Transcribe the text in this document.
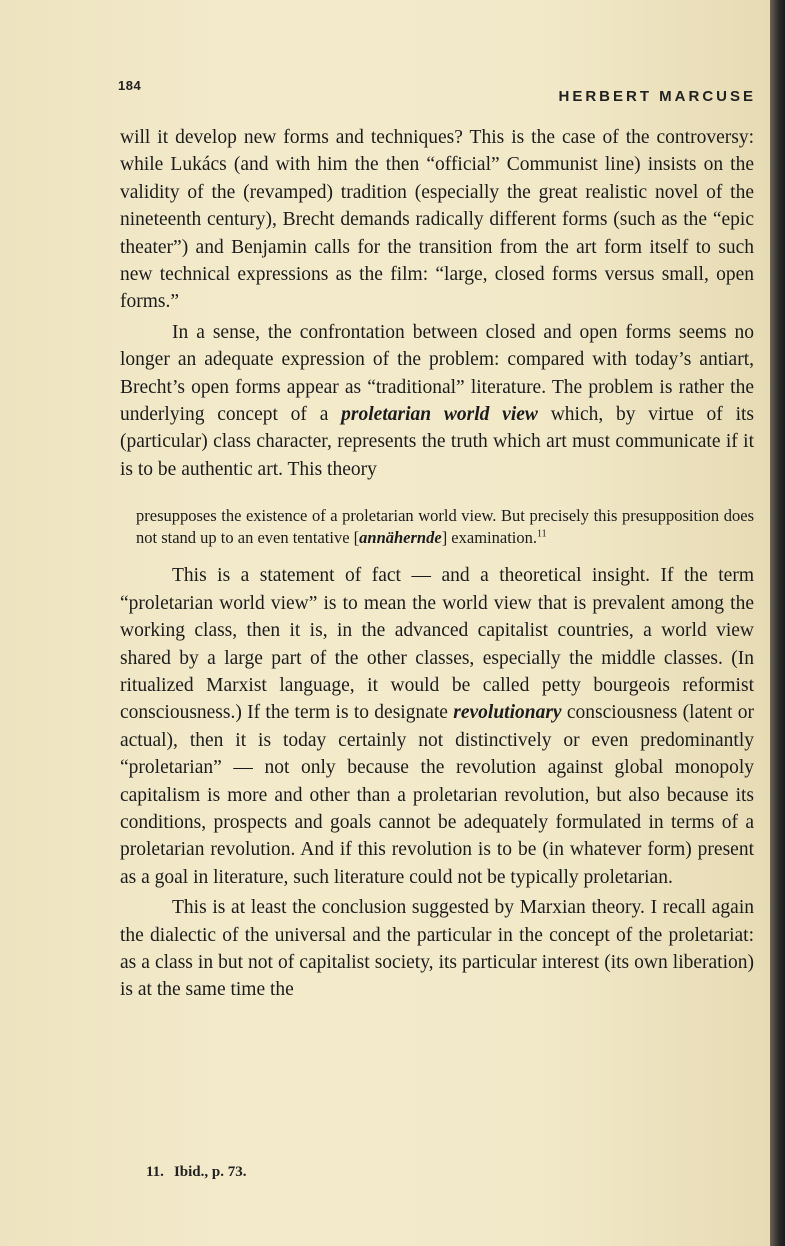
184
HERBERT MARCUSE

will it develop new forms and techniques? This is the case of the controversy: while Lukács (and with him the then “official” Communist line) insists on the validity of the (revamped) tradition (especially the great realistic novel of the nineteenth century), Brecht demands radically different forms (such as the “epic theater”) and Benjamin calls for the transition from the art form itself to such new technical expressions as the film: “large, closed forms versus small, open forms.”

In a sense, the confrontation between closed and open forms seems no longer an adequate expression of the problem: compared with today’s antiart, Brecht’s open forms appear as “traditional” literature. The problem is rather the underlying concept of a proletarian world view which, by virtue of its (particular) class character, represents the truth which art must communicate if it is to be authentic art. This theory

presupposes the existence of a proletarian world view. But precisely this presupposition does not stand up to an even tentative [annähernde] examination.$^{11}$

This is a statement of fact — and a theoretical insight. If the term “proletarian world view” is to mean the world view that is prevalent among the working class, then it is, in the advanced capitalist countries, a world view shared by a large part of the other classes, especially the middle classes. (In ritualized Marxist language, it would be called petty bourgeois reformist consciousness.) If the term is to designate revolutionary consciousness (latent or actual), then it is today certainly not distinctively or even predominantly “proletarian” — not only because the revolution against global monopoly capitalism is more and other than a proletarian revolution, but also because its conditions, prospects and goals cannot be adequately formulated in terms of a proletarian revolution. And if this revolution is to be (in whatever form) present as a goal in literature, such literature could not be typically proletarian.

This is at least the conclusion suggested by Marxian theory. I recall again the dialectic of the universal and the particular in the concept of the proletariat: as a class in but not of capitalist society, its particular interest (its own liberation) is at the same time the

11. Ibid., p. 73.
